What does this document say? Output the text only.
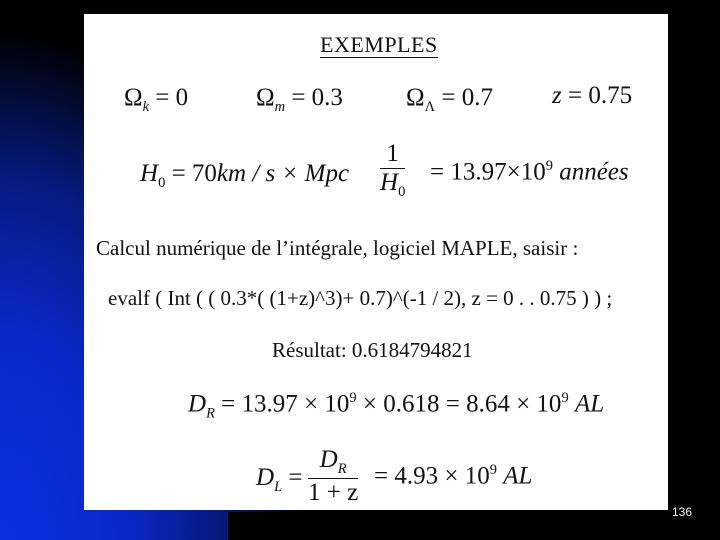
EXEMPLES
$\Omega_k = 0$	$\Omega_m = 0.3$	$\Omega_\Lambda = 0.7$ z = 0.75
$H_0 = 70km / s$ × Mpc $\frac{1}{H_0} = 13.97\times 10^9$ années
Calcul numérique de l’intégrale, logiciel MAPLE, saisir :
evalf ( Int ( ( 0.3*( (1+z)^3)+ 0.7)^(-1 / 2), z = 0 . . 0.75 ) ) ;
Résultat: 0.6184794821
$D_R = 13.97 \times 10^9 \times 0.618 = 8.64 \times 10^9$ AL
$D_L = \frac{D_R}{1 + z} = 4.93 \times 10^9$ AL
136
